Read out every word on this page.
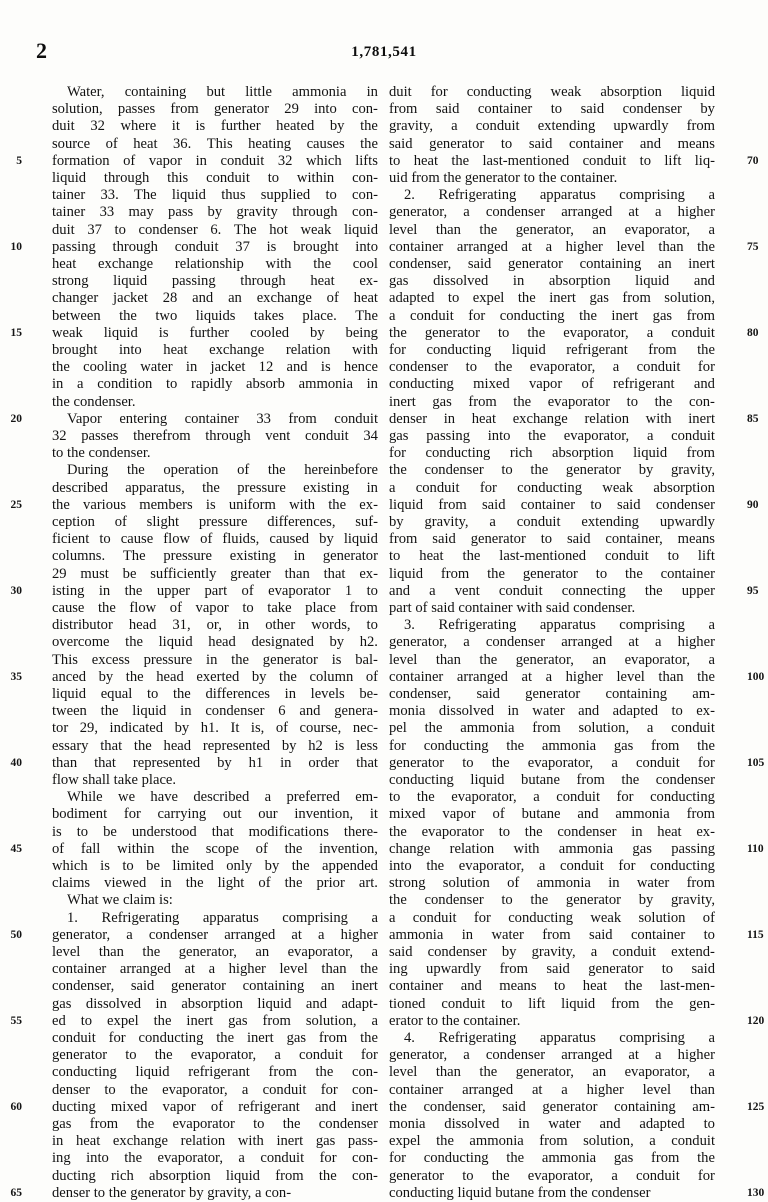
2	1,781,541
5
10
15
20
25
30
35
40
45
50
55
60
65
Water, containing but little ammonia in
solution, passes from generator 29 into con-
duit 32 where it is further heated by the
source of heat 36. This heating causes the
formation of vapor in conduit 32 which lifts
liquid through this conduit to within con-
tainer 33. The liquid thus supplied to con-
tainer 33 may pass by gravity through con-
duit 37 to condenser 6. The hot weak liquid
passing through conduit 37 is brought into
heat exchange relationship with the cool
strong liquid passing through heat ex-
changer jacket 28 and an exchange of heat
between the two liquids takes place. The
weak liquid is further cooled by being
brought into heat exchange relation with
the cooling water in jacket 12 and is hence
in a condition to rapidly absorb ammonia in
the condenser.
Vapor entering container 33 from conduit
32 passes therefrom through vent conduit 34
to the condenser.
During the operation of the hereinbefore
described apparatus, the pressure existing in
the various members is uniform with the ex-
ception of slight pressure differences, suf-
ficient to cause flow of fluids, caused by liquid
columns. The pressure existing in generator
29 must be sufficiently greater than that ex-
isting in the upper part of evaporator 1 to
cause the flow of vapor to take place from
distributor head 31, or, in other words, to
overcome the liquid head designated by h2.
This excess pressure in the generator is bal-
anced by the head exerted by the column of
liquid equal to the differences in levels be-
tween the liquid in condenser 6 and genera-
tor 29, indicated by h1. It is, of course, nec-
essary that the head represented by h2 is less
than that represented by h1 in order that
flow shall take place.
While we have described a preferred em-
bodiment for carrying out our invention, it
is to be understood that modifications there-
of fall within the scope of the invention,
which is to be limited only by the appended
claims viewed in the light of the prior art.
What we claim is:
1. Refrigerating apparatus comprising a
generator, a condenser arranged at a higher
level than the generator, an evaporator, a
container arranged at a higher level than the
condenser, said generator containing an inert
gas dissolved in absorption liquid and adapt-
ed to expel the inert gas from solution, a
conduit for conducting the inert gas from the
generator to the evaporator, a conduit for
conducting liquid refrigerant from the con-
denser to the evaporator, a conduit for con-
ducting mixed vapor of refrigerant and inert
gas from the evaporator to the condenser
in heat exchange relation with inert gas pass-
ing into the evaporator, a conduit for con-
ducting rich absorption liquid from the con-
denser to the generator by gravity, a con-
70
75
80
85
90
95
100
105
110
115
120
125
130
duit for conducting weak absorption liquid
from said container to said condenser by
gravity, a conduit extending upwardly from
said generator to said container and means
to heat the last-mentioned conduit to lift liq-
uid from the generator to the container.
2. Refrigerating apparatus comprising a
generator, a condenser arranged at a higher
level than the generator, an evaporator, a
container arranged at a higher level than the
condenser, said generator containing an inert
gas dissolved in absorption liquid and
adapted to expel the inert gas from solution,
a conduit for conducting the inert gas from
the generator to the evaporator, a conduit
for conducting liquid refrigerant from the
condenser to the evaporator, a conduit for
conducting mixed vapor of refrigerant and
inert gas from the evaporator to the con-
denser in heat exchange relation with inert
gas passing into the evaporator, a conduit
for conducting rich absorption liquid from
the condenser to the generator by gravity,
a conduit for conducting weak absorption
liquid from said container to said condenser
by gravity, a conduit extending upwardly
from said generator to said container, means
to heat the last-mentioned conduit to lift
liquid from the generator to the container
and a vent conduit connecting the upper
part of said container with said condenser.
3. Refrigerating apparatus comprising a
generator, a condenser arranged at a higher
level than the generator, an evaporator, a
container arranged at a higher level than the
condenser, said generator containing am-
monia dissolved in water and adapted to ex-
pel the ammonia from solution, a conduit
for conducting the ammonia gas from the
generator to the evaporator, a conduit for
conducting liquid butane from the condenser
to the evaporator, a conduit for conducting
mixed vapor of butane and ammonia from
the evaporator to the condenser in heat ex-
change relation with ammonia gas passing
into the evaporator, a conduit for conducting
strong solution of ammonia in water from
the condenser to the generator by gravity,
a conduit for conducting weak solution of
ammonia in water from said container to
said condenser by gravity, a conduit extend-
ing upwardly from said generator to said
container and means to heat the last-men-
tioned conduit to lift liquid from the gen-
erator to the container.
4. Refrigerating apparatus comprising a
generator, a condenser arranged at a higher
level than the generator, an evaporator, a
container arranged at a higher level than
the condenser, said generator containing am-
monia dissolved in water and adapted to
expel the ammonia from solution, a conduit
for conducting the ammonia gas from the
generator to the evaporator, a conduit for
conducting liquid butane from the condenser
